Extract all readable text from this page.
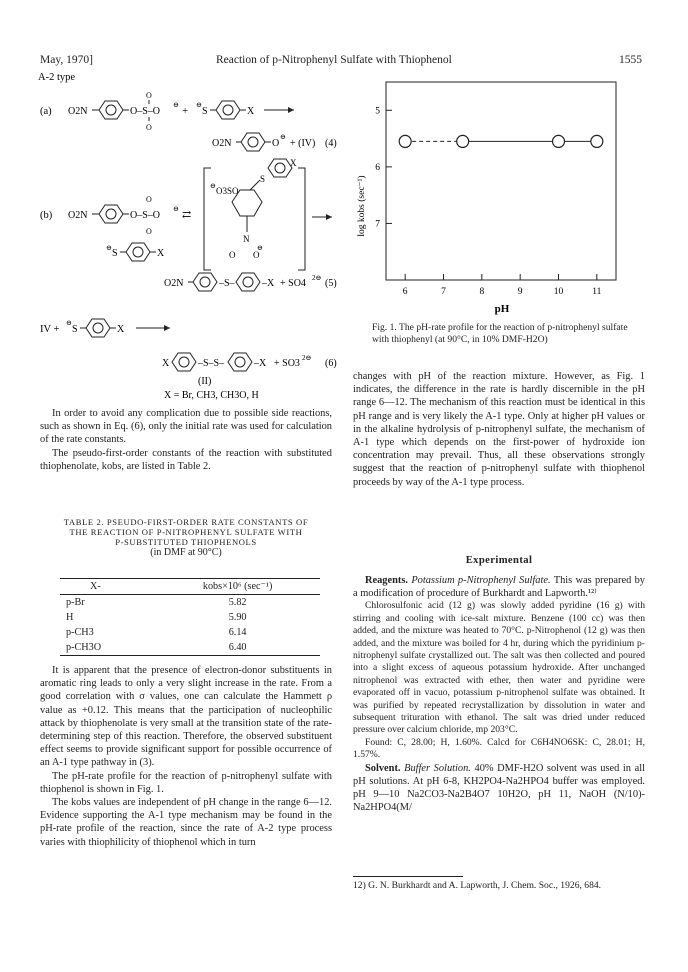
May, 1970]	Reaction of p-Nitrophenyl Sulfate with Thiophenol	1555
A-2 type
(a) O2N	O–S–O
O
O
⊖ + ⊖
S	X
O2N	O
⊖
+ (IV) (4)
(b) O2N	O–S–O
O
O
⊖ ⇄
⊖ O3SO
S
X
N
O O
⊖
⊖ S	X
O2N	–S–	–X + SO4 2⊖ (5)
IV +
⊖
S	X
X	–S–S–	–X + SO3 2⊖ (6)
(II)
X = Br, CH3, CH3O, H

In order to avoid any complication due to possible side reactions, such as shown in Eq. (6), only the initial rate was used for calculation of the rate constants.

The pseudo-first-order constants of the reaction with substituted thiophenolate, kobs, are listed in Table 2.

TABLE 2. PSEUDO-FIRST-ORDER RATE CONSTANTS OF
THE REACTION OF P-NITROPHENYL SULFATE WITH
P-SUBSTITUTED THIOPHENOLS
(in DMF at 90°C)
X-	kobs×10⁶ (sec⁻¹)
p-Br	5.82
H	5.90
p-CH3	6.14
p-CH3O	6.40

It is apparent that the presence of electron-donor substituents in aromatic ring leads to only a very slight increase in the rate. From a good correlation with σ values, one can calculate the Hammett ρ value as +0.12. This means that the participation of nucleophilic attack by thiophenolate is very small at the transition state of the rate-determining step of this reaction. Therefore, the observed substituent effect seems to provide significant support for possible occurrence of an A-1 type pathway in (3).

The pH-rate profile for the reaction of p-nitrophenyl sulfate with thiophenol is shown in Fig. 1.

The kobs values are independent of pH change in the range 6—12. Evidence supporting the A-1 type mechanism may be found in the pH-rate profile of the reaction, since the rate of A-2 type process varies with thiophilicity of thiophenol which in turn

5
6
7
6	7	8	9	10	11
log kobs (sec⁻¹)
pH
Fig. 1. The pH-rate profile for the reaction of p-nitrophenyl sulfate with thiophenyl (at 90°C, in 10% DMF-H2O)

changes with pH of the reaction mixture. However, as Fig. 1 indicates, the difference in the rate is hardly discernible in the pH range 6—12. The mechanism of this reaction must be identical in this pH range and is very likely the A-1 type. Only at higher pH values or in the alkaline hydrolysis of p-nitrophenyl sulfate, the mechanism of A-1 type which depends on the first-power of hydroxide ion concentration may prevail. Thus, all these observations strongly suggest that the reaction of p-nitrophenyl sulfate with thiophenol proceeds by way of the A-1 type process.

Experimental

Reagents. Potassium p-Nitrophenyl Sulfate. This was prepared by a modification of procedure of Burkhardt and Lapworth.¹²⁾

Chlorosulfonic acid (12 g) was slowly added pyridine (16 g) with stirring and cooling with ice-salt mixture. Benzene (100 cc) was then added, and the mixture was heated to 70°C. p-Nitrophenol (12 g) was then added, and the mixture was boiled for 4 hr, during which the pyridinium p-nitrophenyl sulfate crystallized out. The salt was then collected and poured into a slight excess of aqueous potassium hydroxide. After unchanged nitrophenol was extracted with ether, then water and pyridine were evaporated off in vacuo, potassium p-nitrophenol sulfate was obtained. It was purified by repeated recrystallization by dissolution in water and subsequent trituration with ethanol. The salt was dried under reduced pressure over calcium chloride, mp 203°C.

Found: C, 28.00; H, 1.60%. Calcd for C6H4NO6SK: C, 28.01; H, 1.57%.

Solvent. Buffer Solution. 40% DMF-H2O solvent was used in all pH solutions. At pH 6-8, KH2PO4-Na2HPO4 buffer was employed. pH 9—10 Na2CO3-Na2B4O7 10H2O, pH 11, NaOH (N/10)-Na2HPO4(M/

12) G. N. Burkhardt and A. Lapworth, J. Chem. Soc., 1926, 684.
